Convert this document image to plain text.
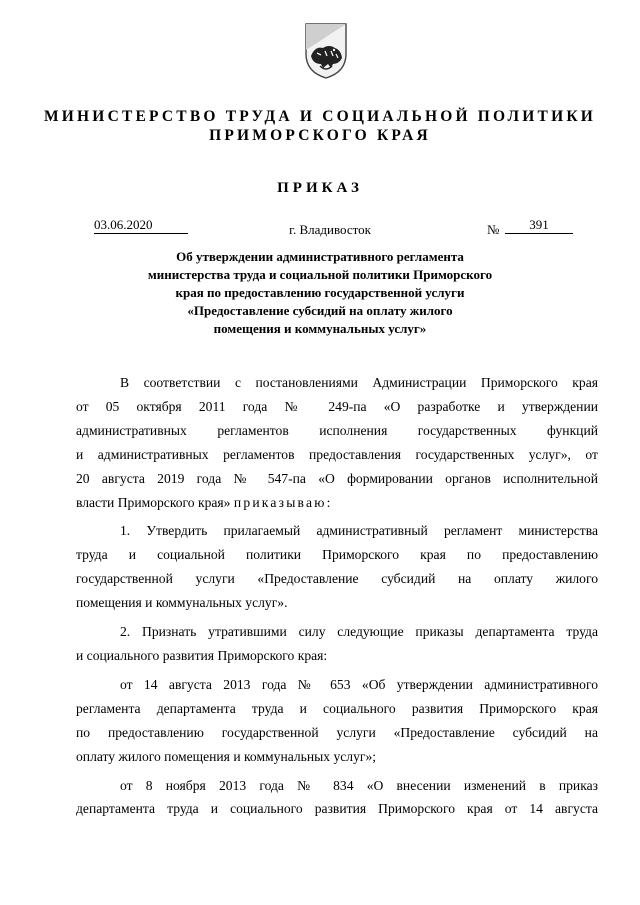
МИНИСТЕРСТВО ТРУДА И СОЦИАЛЬНОЙ ПОЛИТИКИ
ПРИМОРСКОГО КРАЯ
ПРИКАЗ
03.06.2020	г. Владивосток	№	391
Об утверждении административного регламента
министерства труда и социальной политики Приморского
края по предоставлению государственной услуги
«Предоставление субсидий на оплату жилого
помещения и коммунальных услуг»

В соответствии с постановлениями Администрации Приморского края
от 05 октября 2011 года № 249-па «О разработке и утверждении
административных регламентов исполнения государственных функций
и административных регламентов предоставления государственных услуг», от
20 августа 2019 года № 547-па «О формировании органов исполнительной
власти Приморского края» приказываю:

1. Утвердить прилагаемый административный регламент министерства
труда и социальной политики Приморского края по предоставлению
государственной услуги «Предоставление субсидий на оплату жилого
помещения и коммунальных услуг».

2. Признать утратившими силу следующие приказы департамента труда
и социального развития Приморского края:

от 14 августа 2013 года № 653 «Об утверждении административного
регламента департамента труда и социального развития Приморского края
по предоставлению государственной услуги «Предоставление субсидий на
оплату жилого помещения и коммунальных услуг»;

от 8 ноября 2013 года № 834 «О внесении изменений в приказ
департамента труда и социального развития Приморского края от 14 августа
